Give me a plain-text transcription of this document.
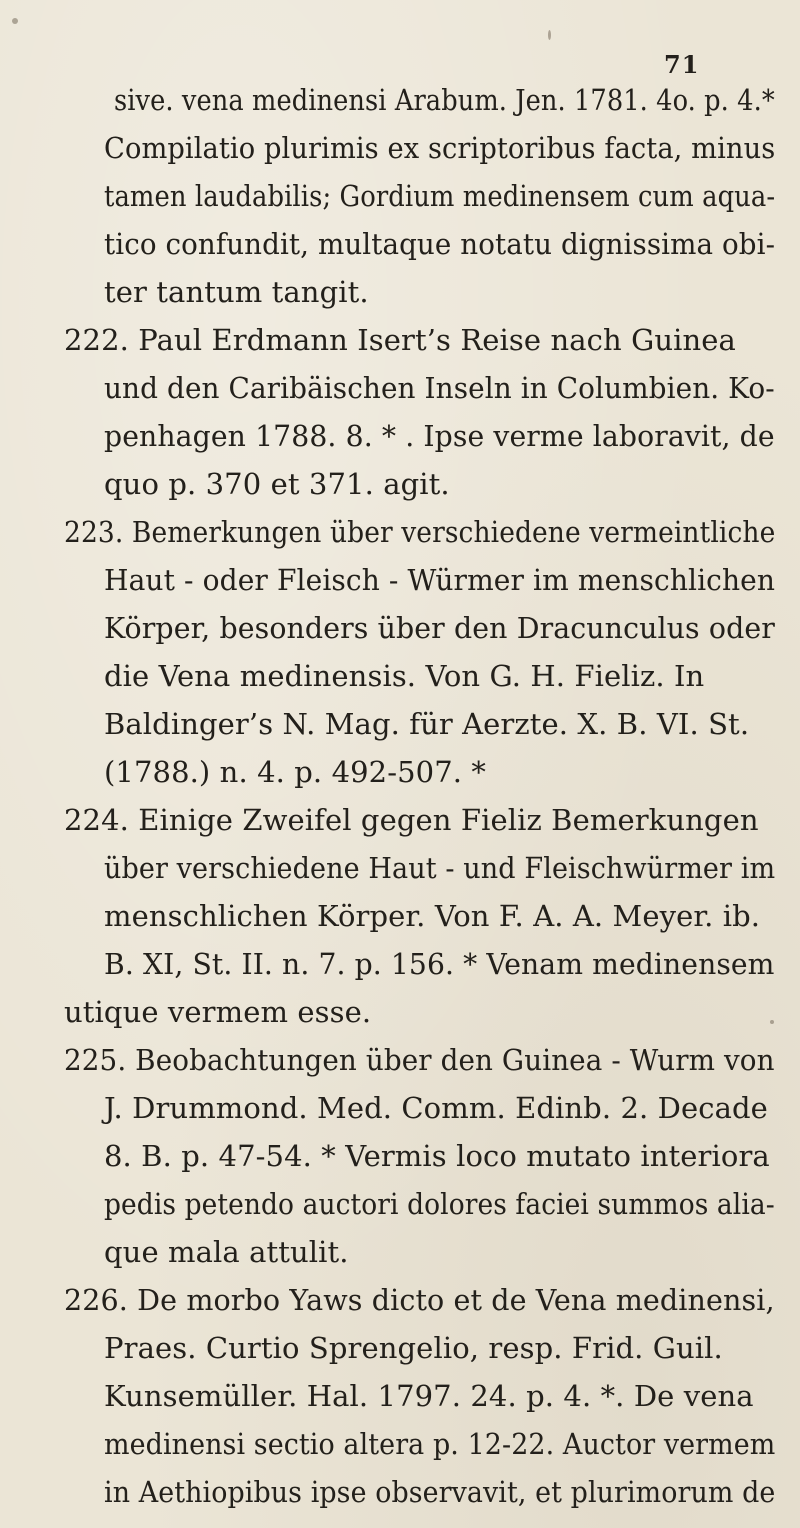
71
sive. vena medinensi Arabum. Jen. 1781. 4o. p. 4.*
Compilatio plurimis ex scriptoribus facta, minus
tamen laudabilis; Gordium medinensem cum aqua-
tico confundit, multaque notatu dignissima obi-
ter tantum tangit.
222. Paul Erdmann Isert’s Reise nach Guinea
und den Caribäischen Inseln in Columbien. Ko-
penhagen 1788. 8. * . Ipse verme laboravit, de
quo p. 370 et 371. agit.
223. Bemerkungen über verschiedene vermeintliche
Haut - oder Fleisch - Würmer im menschlichen
Körper, besonders über den Dracunculus oder
die Vena medinensis. Von G. H. Fieliz. In
Baldinger’s N. Mag. für Aerzte. X. B. VI. St.
(1788.) n. 4. p. 492-507. *
224. Einige Zweifel gegen Fieliz Bemerkungen
über verschiedene Haut - und Fleischwürmer im
menschlichen Körper. Von F. A. A. Meyer. ib.
B. XI, St. II. n. 7. p. 156. * Venam medinensem
utique vermem esse.
225. Beobachtungen über den Guinea - Wurm von
J. Drummond. Med. Comm. Edinb. 2. Decade
8. B. p. 47-54. * Vermis loco mutato interiora
pedis petendo auctori dolores faciei summos alia-
que mala attulit.
226. De morbo Yaws dicto et de Vena medinensi,
Praes. Curtio Sprengelio, resp. Frid. Guil.
Kunsemüller. Hal. 1797. 24. p. 4. *. De vena
medinensi sectio altera p. 12-22. Auctor vermem
in Aethiopibus ipse observavit, et plurimorum de
